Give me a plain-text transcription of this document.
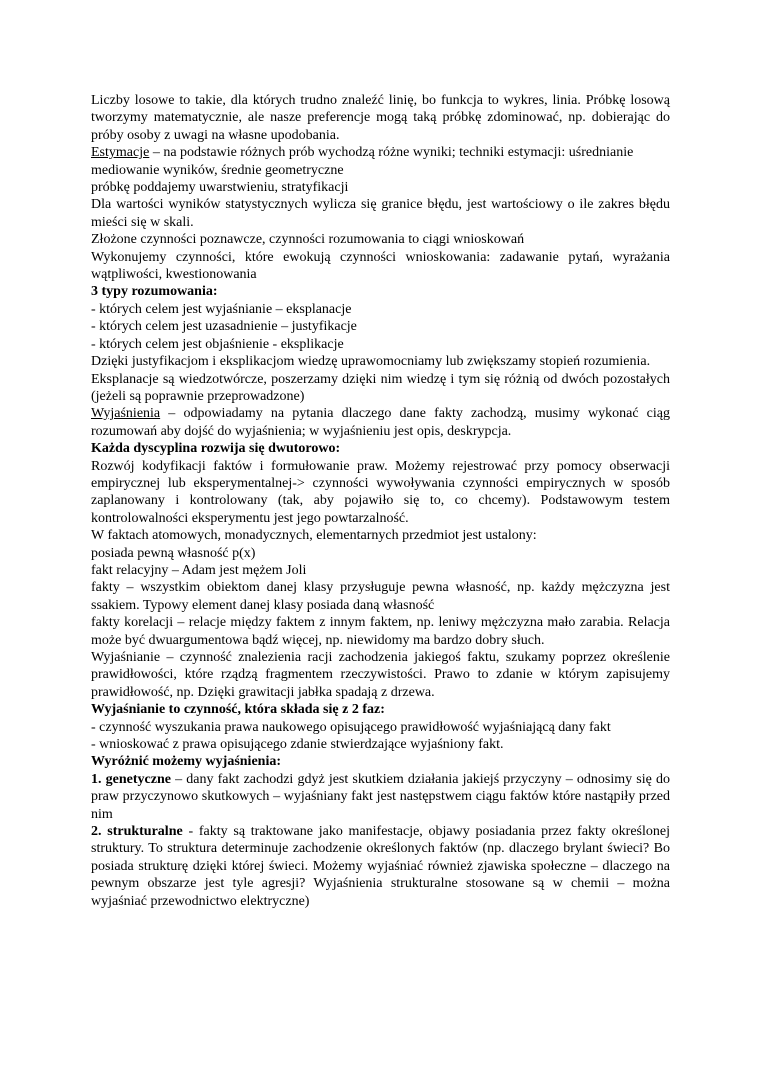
Liczby losowe to takie, dla których trudno znaleźć linię, bo funkcja to wykres, linia. Próbkę losową tworzymy matematycznie, ale nasze preferencje mogą taką próbkę zdominować, np. dobierając do próby osoby z uwagi na własne upodobania.

Estymacje – na podstawie różnych prób wychodzą różne wyniki; techniki estymacji: uśrednianie

mediowanie wyników, średnie geometryczne

próbkę poddajemy uwarstwieniu, stratyfikacji

Dla wartości wyników statystycznych wylicza się granice błędu, jest wartościowy o ile zakres błędu mieści się w skali.

Złożone czynności poznawcze, czynności rozumowania to ciągi wnioskowań

Wykonujemy czynności, które ewokują czynności wnioskowania: zadawanie pytań, wyrażania wątpliwości, kwestionowania

3 typy rozumowania:

- których celem jest wyjaśnianie – eksplanacje

- których celem jest uzasadnienie – justyfikacje

- których celem jest objaśnienie - eksplikacje

Dzięki justyfikacjom i eksplikacjom wiedzę uprawomocniamy lub zwiększamy stopień rozumienia.

Eksplanacje są wiedzotwórcze, poszerzamy dzięki nim wiedzę i tym się różnią od dwóch pozostałych (jeżeli są poprawnie przeprowadzone)

Wyjaśnienia – odpowiadamy na pytania dlaczego dane fakty zachodzą, musimy wykonać ciąg rozumowań aby dojść do wyjaśnienia; w wyjaśnieniu jest opis, deskrypcja.

Każda dyscyplina rozwija się dwutorowo:

Rozwój kodyfikacji faktów i formułowanie praw. Możemy rejestrować przy pomocy obserwacji empirycznej lub eksperymentalnej-> czynności wywoływania czynności empirycznych w sposób zaplanowany i kontrolowany (tak, aby pojawiło się to, co chcemy). Podstawowym testem kontrolowalności eksperymentu jest jego powtarzalność.

W faktach atomowych, monadycznych, elementarnych przedmiot jest ustalony:

posiada pewną własność p(x)

fakt relacyjny – Adam jest mężem Joli

fakty – wszystkim obiektom danej klasy przysługuje pewna własność, np. każdy mężczyzna jest ssakiem. Typowy element danej klasy posiada daną własność

fakty korelacji – relacje między faktem z innym faktem, np. leniwy mężczyzna mało zarabia. Relacja może być dwuargumentowa bądź więcej, np. niewidomy ma bardzo dobry słuch.

Wyjaśnianie – czynność znalezienia racji zachodzenia jakiegoś faktu, szukamy poprzez określenie prawidłowości, które rządzą fragmentem rzeczywistości. Prawo to zdanie w którym zapisujemy prawidłowość, np. Dzięki grawitacji jabłka spadają z drzewa.

Wyjaśnianie to czynność, która składa się z 2 faz:

- czynność wyszukania prawa naukowego opisującego prawidłowość wyjaśniającą dany fakt

- wnioskować z prawa opisującego zdanie stwierdzające wyjaśniony fakt.

Wyróżnić możemy wyjaśnienia:

1. genetyczne – dany fakt zachodzi gdyż jest skutkiem działania jakiejś przyczyny – odnosimy się do praw przyczynowo skutkowych – wyjaśniany fakt jest następstwem ciągu faktów które nastąpiły przed nim

2. strukturalne - fakty są traktowane jako manifestacje, objawy posiadania przez fakty określonej struktury. To struktura determinuje zachodzenie określonych faktów (np. dlaczego brylant świeci? Bo posiada strukturę dzięki której świeci. Możemy wyjaśniać również zjawiska społeczne – dlaczego na pewnym obszarze jest tyle agresji? Wyjaśnienia strukturalne stosowane są w chemii – można wyjaśniać przewodnictwo elektryczne)
